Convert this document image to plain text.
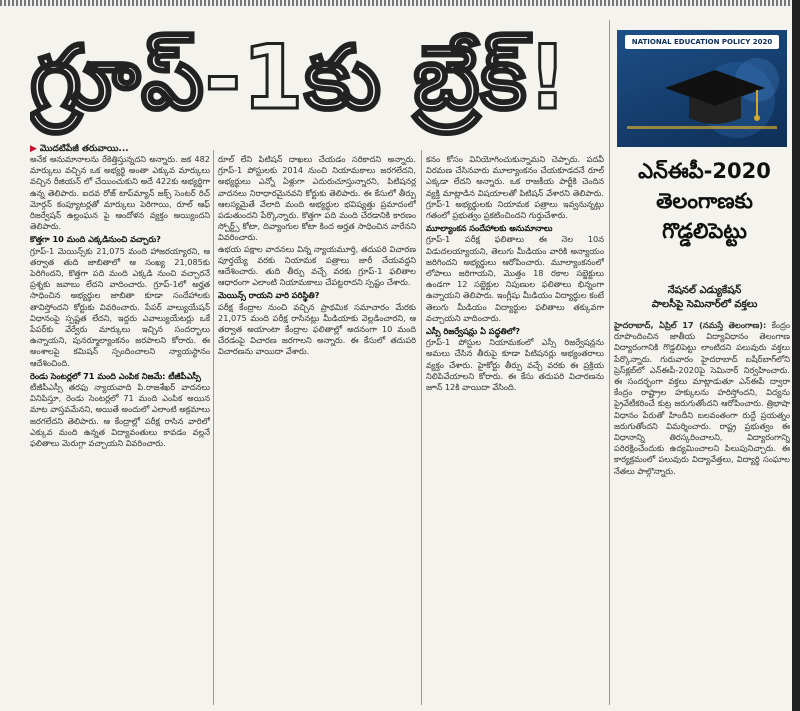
గ్రూప్-1కు బ్రేక్!
▶ మొదటిపేజీ తరువాయి...

అనేక అనుమానాలను రేకెత్తిస్తున్నదని అన్నారు. జక 482 మార్కులు వచ్చిన ఒక అభ్యర్థి అంతా ఎక్కువ మార్కులు వచ్చిన రీజియన్ లో చేయించుకుని అదే 422కు అభ్యర్థిగా ఉన్న తెలిపారు. ఐదవ రోజ్ టాప్‌మ్యాన్ జక్స్ సెంటర్ రిచ్ మోర్గన్ కంప్యూటర్లతో మార్కులు పెరిగాయి, రూల్ ఆఫ్ రిజర్వేషన్ ఉల్లంఘన పై ఆందోళన వ్యక్తం అయ్యిందని తెలిపారు.

కొత్తగా 10 మంది ఎక్కడినుంచి వచ్చారు?

గ్రూప్-1 మెయిన్స్‌కు 21,075 మంది హాజరయ్యారని, ఆ తర్వాత తుది జాబితాలో ఆ సంఖ్య 21,085కు పెరిగిందని, కొత్తగా పది మంది ఎక్కడి నుంచి వచ్చారనే ప్రశ్నకు జవాబు లేదని వాదించారు. గ్రూప్-1లో అర్హత సాధించిన అభ్యర్థుల జాబితా కూడా సందేహాలకు తావిస్తోందని కోర్టుకు వివరించారు. పేపర్ వాల్యుయేషన్ విధానంపై స్పష్టత లేదని, ఇద్దరు ఎవాల్యుయేటర్లు ఒకే పేపర్‌కు వేర్వేరు మార్కులు ఇచ్చిన సందర్భాలు ఉన్నాయని, పునర్మూల్యాంకనం జరపాలని కోరారు. ఈ అంశాలపై కమిషన్ స్పందించాలని న్యాయస్థానం ఆదేశించింది.

రెండు సెంటర్లలో 71 మంది ఎంపిక నిజమే: టీజీపీఎస్సీ

టీజీపీఎస్సీ తరఫు న్యాయవాది పి.రాజశేఖర్ వాదనలు వినిపిస్తూ, రెండు సెంటర్లలో 71 మంది ఎంపిక అయిన మాట వాస్తవమేనని, అయితే అందులో ఎలాంటి అక్రమాలు జరగలేదని తెలిపారు. ఆ కేంద్రాల్లో పరీక్ష రాసిన వారిలో ఎక్కువ మంది ఉన్నత విద్యావంతులు కావడం వల్లనే ఫలితాలు మెరుగ్గా వచ్చాయని వివరించారు.

రూల్ లేని పిటిషన్ దాఖలు చేయడం సరికాదని అన్నారు. గ్రూప్-1 పోస్టులకు 2014 నుంచి నియామకాలు జరగలేదని, అభ్యర్థులు ఎన్నో ఏళ్లుగా ఎదురుచూస్తున్నారని, పిటిషనర్ల వాదనలు నిరాధారమైనవని కోర్టుకు తెలిపారు. ఈ కేసులో తీర్పు ఆలస్యమైతే వేలాది మంది అభ్యర్థుల భవిష్యత్తు ప్రమాదంలో పడుతుందని పేర్కొన్నారు. కొత్తగా పది మంది చేరడానికి కారణం స్పోర్ట్స్ కోటా, దివ్యాంగుల కోటా కింద అర్హత సాధించిన వారేనని వివరించారు.

ఉభయ పక్షాల వాదనలు విన్న న్యాయమూర్తి, తదుపరి విచారణ పూర్తయ్యే వరకు నియామక పత్రాలు జారీ చేయవద్దని ఆదేశించారు. తుది తీర్పు వచ్చే వరకు గ్రూప్-1 ఫలితాల ఆధారంగా ఎలాంటి నియామకాలు చేపట్టరాదని స్పష్టం చేశారు.

మెయిన్స్ రాయని వారి పరిస్థితి?

పరీక్ష కేంద్రాల నుంచి వచ్చిన ప్రాథమిక సమాచారం మేరకు 21,075 మంది పరీక్ష రాసినట్లు మీడియాకు వెల్లడించారని, ఆ తర్వాత అయాంటా కేంద్రాల ఫలితాల్లో అదనంగా 10 మంది చేరడంపై విచారణ జరగాలని అన్నారు. ఈ కేసులో తదుపరి విచారణను వాయిదా వేశారు.

కనం కోసం వినియోగించుకున్నామని చెప్పారు. పదవీ విరమణ చేసినవారు మూల్యాంకనం చేయకూడదనే రూల్ ఎక్కడా లేదని అన్నారు. ఒక రాజకీయ పార్టీకి చెందిన వ్యక్తి మాట్లాడిన విషయాలతో పిటిషన్ వేశారని తెలిపారు. గ్రూప్-1 అభ్యర్థులకు నియామక పత్రాలు ఇవ్వనున్నట్లు గతంలో ప్రభుత్వం ప్రకటించిందని గుర్తుచేశారు.

మూల్యాంకన సందేహాలకు అనుమానాలు

గ్రూప్-1 పరీక్ష ఫలితాలు ఈ నెల 10న విడుదలయ్యాయని, తెలుగు మీడియం వారికి అన్యాయం జరిగిందని అభ్యర్థులు ఆరోపించారు. మూల్యాంకనంలో లోపాలు జరిగాయని, మొత్తం 18 రకాల సబ్జెక్టులు ఉండగా 12 సబ్జెక్టుల నిపుణుల ఫలితాలు భిన్నంగా ఉన్నాయని తెలిపారు. ఇంగ్లీషు మీడియం విద్యార్థుల కంటే తెలుగు మీడియం విద్యార్థుల ఫలితాలు తక్కువగా వచ్చాయని వాదించారు.

ఎస్సీ రిజర్వేషన్లు ఏ పద్ధతిలో?

గ్రూప్-1 పోస్టుల నియామకంలో ఎస్సీ రిజర్వేషన్లను అమలు చేసిన తీరుపై కూడా పిటిషనర్లు అభ్యంతరాలు వ్యక్తం చేశారు. హైకోర్టు తీర్పు వచ్చే వరకు ఈ ప్రక్రియ నిలిపివేయాలని కోరారు. ఈ కేసు తదుపరి విచారణను జూన్ 12కి వాయిదా వేసింది.

NATIONAL EDUCATION POLICY 2020
ఎన్ఈపీ-2020
తెలంగాణకు
గొడ్డలిపెట్టు
నేషనల్ ఎడ్యుకేషన్
పాలసీపై సెమినార్‌లో వక్తలు

హైదరాబాద్, ఏప్రిల్ 17 (నమస్తే తెలంగాణ): కేంద్రం రూపొందించిన జాతీయ విద్యావిధానం తెలంగాణ విద్యారంగానికి గొడ్డలిపెట్టు లాంటిదని పలువురు వక్తలు పేర్కొన్నారు. గురువారం హైదరాబాద్ బషీర్‌బాగ్‌లోని ప్రెస్‌క్లబ్‌లో ఎన్ఈపీ-2020పై సెమినార్ నిర్వహించారు. ఈ సందర్భంగా వక్తలు మాట్లాడుతూ ఎన్ఈపీ ద్వారా కేంద్రం రాష్ట్రాల హక్కులను హరిస్తోందని, విద్యను ప్రైవేటీకరించే కుట్ర జరుగుతోందని ఆరోపించారు. త్రిభాషా విధానం పేరుతో హిందీని బలవంతంగా రుద్దే ప్రయత్నం జరుగుతోందని విమర్శించారు. రాష్ట్ర ప్రభుత్వం ఈ విధానాన్ని తిరస్కరించాలని, విద్యారంగాన్ని పరిరక్షించేందుకు ఉద్యమించాలని పిలుపునిచ్చారు. ఈ కార్యక్రమంలో పలువురు విద్యావేత్తలు, విద్యార్థి సంఘాల నేతలు పాల్గొన్నారు.
